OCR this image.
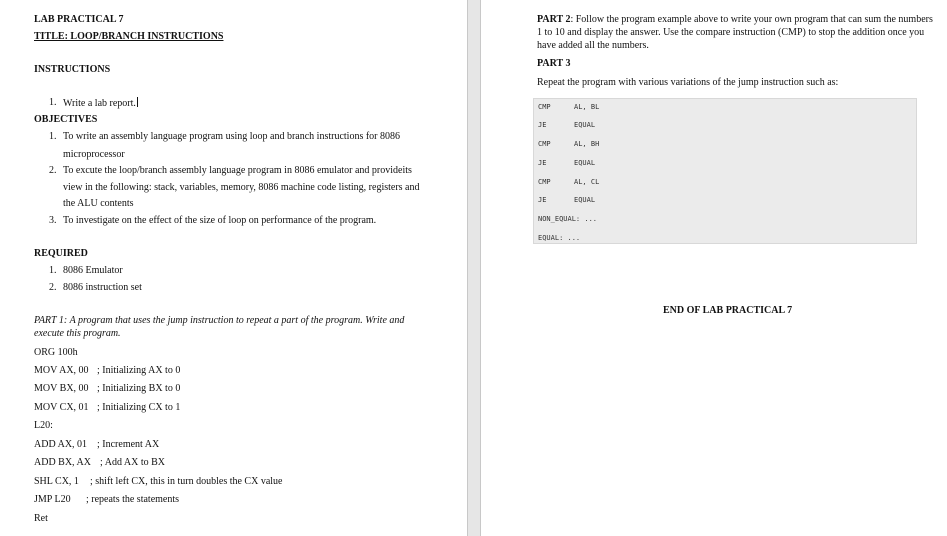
LAB PRACTICAL 7
TITLE: LOOP/BRANCH INSTRUCTIONS
INSTRUCTIONS
1. Write a lab report.
OBJECTIVES
1. To write an assembly language program using loop and branch instructions for 8086
microprocessor
2. To excute the loop/branch assembly language program in 8086 emulator and provideits
view in the following: stack, variables, memory, 8086 machine code listing, registers and
the ALU contents
3. To investigate on the effect of the size of loop on performance of the program.
REQUIRED
1. 8086 Emulator
2. 8086 instruction set
PART 1: A program that uses the jump instruction to repeat a part of the program. Write and
execute this program.
ORG 100h
MOV AX, 00 ; Initializing AX to 0
MOV BX, 00 ; Initializing BX to 0
MOV CX, 01 ; Initializing CX to 1
L20:
ADD AX, 01 ; Increment AX
ADD BX, AX ; Add AX to BX
SHL CX, 1 ; shift left CX, this in turn doubles the CX value
JMP L20 ; repeats the statements
Ret
PART 2: Follow the program example above to write your own program that can sum the numbers
1 to 10 and display the answer. Use the compare instruction (CMP) to stop the addition once you
have added all the numbers.
PART 3
Repeat the program with various variations of the jump instruction such as:
CMP	AL, BL
JE	EQUAL
CMP	AL, BH
JE	EQUAL
CMP	AL, CL
JE	EQUAL
NON_EQUAL: ...
EQUAL: ...
END OF LAB PRACTICAL 7
